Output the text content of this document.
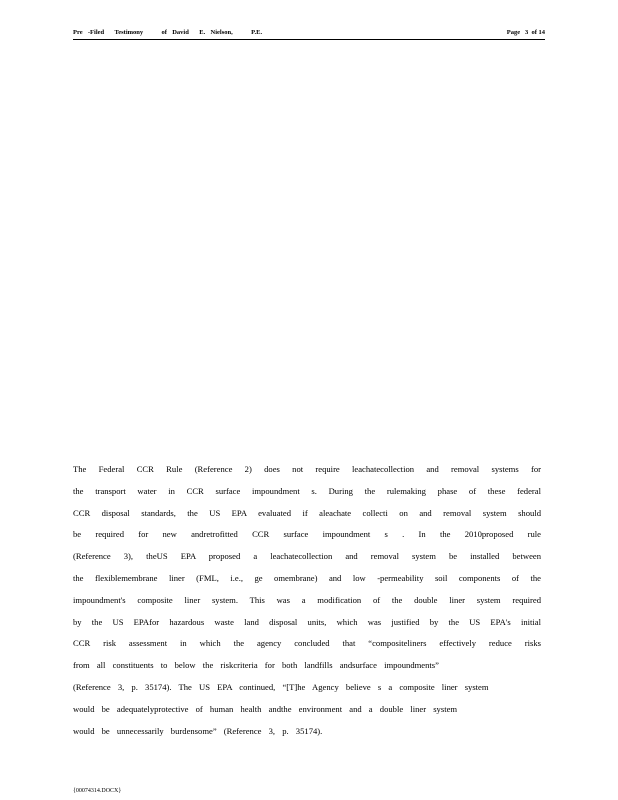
Pre  -Filed    Testimony       of  David    E.  Nielson,       P.E.	Page   3  of 14
The Federal CCR Rule (Reference 2) does not require leachatecollection and removal systems for
the transport water in CCR surface impoundment s. During the rulemaking phase of these federal
CCR disposal standards, the US EPA evaluated if aleachate collecti on and removal system should
be required for new andretrofitted CCR surface impoundment s . In the 2010proposed rule
(Reference 3), theUS EPA proposed a leachatecollection and removal system be installed between
the flexiblemembrane liner (FML, i.e., ge omembrane) and low -permeability soil components of the
impoundment's composite liner system. This was a modification of the double liner system required
by the US EPAfor hazardous waste land disposal units, which was justified by the US EPA's initial
CCR risk assessment in which the agency concluded that “compositeliners effectively reduce risks
from all constituents to below the riskcriteria for both landfills andsurface impoundments”
(Reference 3, p. 35174). The US EPA continued, “[T]he Agency believe s a composite liner system
would be adequatelyprotective of human health andthe environment and a double liner system
would be unnecessarily burdensome” (Reference 3, p. 35174).
{00074314.DOCX}
